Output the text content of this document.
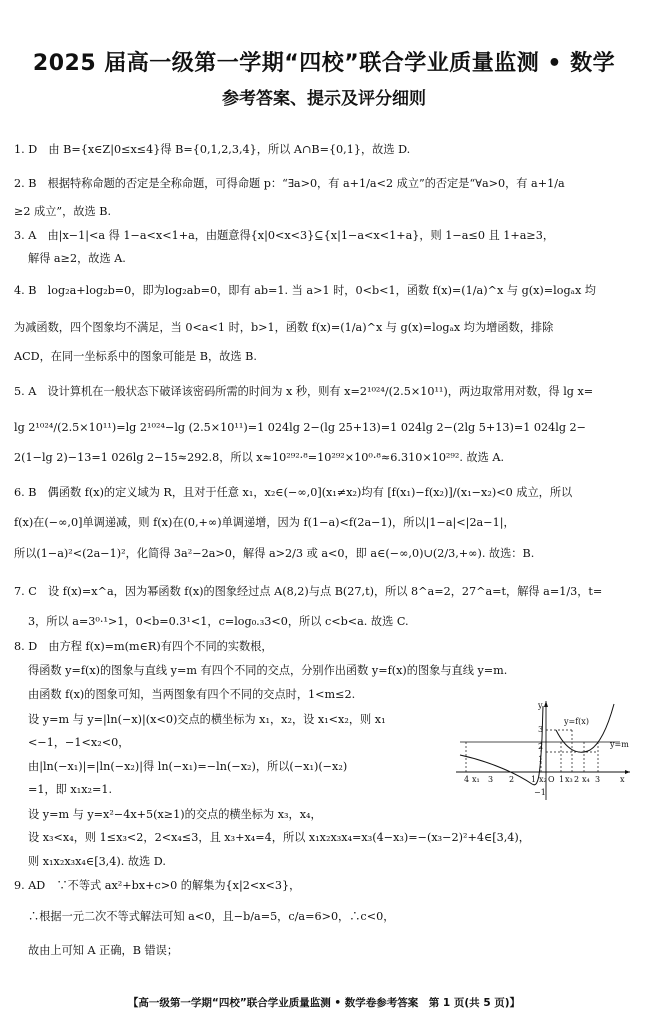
2025 届高一级第一学期“四校”联合学业质量监测 • 数学
参考答案、提示及评分细则
1. D　由 B={x∈Z|0≤x≤4}得 B={0,1,2,3,4}，所以 A∩B={0,1}，故选 D.
2. B　根据特称命题的否定是全称命题，可得命题 p：“∃a>0，有 a+1/a<2 成立”的否定是“∀a>0，有 a+1/a
≥2 成立”，故选 B.
3. A　由|x−1|<a 得 1−a<x<1+a，由题意得{x|0<x<3}⊆{x|1−a<x<1+a}，则 1−a≤0 且 1+a≥3，
解得 a≥2，故选 A.
4. B　log₂a+log₂b=0，即为log₂ab=0，即有 ab=1. 当 a>1 时，0<b<1，函数 f(x)=(1/a)^x 与 g(x)=logₐx 均
为减函数，四个图象均不满足，当 0<a<1 时，b>1，函数 f(x)=(1/a)^x 与 g(x)=logₐx 均为增函数，排除
ACD，在同一坐标系中的图象可能是 B，故选 B.
5. A　设计算机在一般状态下破译该密码所需的时间为 x 秒，则有 x=2¹⁰²⁴/(2.5×10¹¹)，两边取常用对数，得 lg x=
lg 2¹⁰²⁴/(2.5×10¹¹)=lg 2¹⁰²⁴−lg (2.5×10¹¹)=1 024lg 2−(lg 25+13)=1 024lg 2−(2lg 5+13)=1 024lg 2−
2(1−lg 2)−13=1 026lg 2−15≈292.8，所以 x≈10²⁹²·⁸=10²⁹²×10⁰·⁸≈6.310×10²⁹². 故选 A.
6. B　偶函数 f(x)的定义域为 R，且对于任意 x₁，x₂∈(−∞,0](x₁≠x₂)均有 [f(x₁)−f(x₂)]/(x₁−x₂)<0 成立，所以
f(x)在(−∞,0]单调递减，则 f(x)在(0,+∞)单调递增，因为 f(1−a)<f(2a−1)，所以|1−a|<|2a−1|，
所以(1−a)²<(2a−1)²，化简得 3a²−2a>0，解得 a>2/3 或 a<0，即 a∈(−∞,0)∪(2/3,+∞). 故选：B.
7. C　设 f(x)=x^a，因为幂函数 f(x)的图象经过点 A(8,2)与点 B(27,t)，所以 8^a=2，27^a=t，解得 a=1/3，t=
3，所以 a=3⁰·¹>1，0<b=0.3¹<1，c=log₀.₃3<0，所以 c<b<a. 故选 C.
8. D　由方程 f(x)=m(m∈R)有四个不同的实数根，
得函数 y=f(x)的图象与直线 y=m 有四个不同的交点，分别作出函数 y=f(x)的图象与直线 y=m.
由函数 f(x)的图象可知，当两图象有四个不同的交点时，1<m≤2.
设 y=m 与 y=|ln(−x)|(x<0)交点的横坐标为 x₁，x₂，设 x₁<x₂，则 x₁
<−1，−1<x₂<0，
由|ln(−x₁)|=|ln(−x₂)|得 ln(−x₁)=−ln(−x₂)，所以(−x₁)(−x₂)
=1，即 x₁x₂=1.
设 y=m 与 y=x²−4x+5(x≥1)的交点的横坐标为 x₃，x₄，
设 x₃<x₄，则 1≤x₃<2，2<x₄≤3，且 x₃+x₄=4，所以 x₁x₂x₃x₄=x₃(4−x₃)=−(x₃−2)²+4∈[3,4)，
则 x₁x₂x₃x₄∈[3,4). 故选 D.
9. AD　∵不等式 ax²+bx+c>0 的解集为{x|2<x<3}，
∴根据一元二次不等式解法可知 a<0，且−b/a=5，c/a=6>0，∴c<0，
故由上可知 A 正确，B 错误；
y
3
2
y=f(x)
y=m
1
4 x₁ 3 2 1 x₂ O 1 x₃ 2 x₄ 3 x
−1
【高一级第一学期“四校”联合学业质量监测 • 数学卷参考答案　第 1 页(共 5 页)】
